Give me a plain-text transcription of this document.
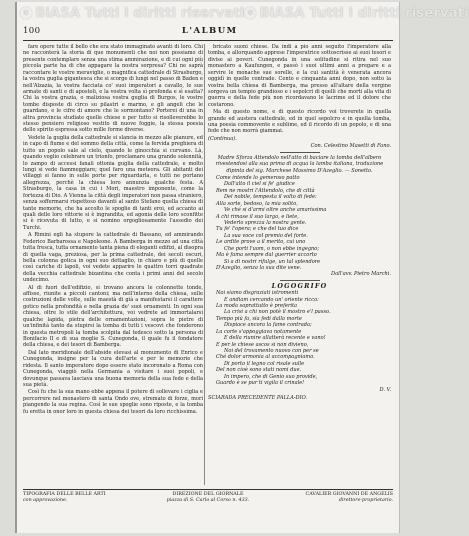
© BiASA Tutti i diritti riservati © BiASA Tutti i diritti riservati
100	L'ALBUM

fare opere tutte il bello che era stato immaginato avanti di loro. Chi ne racconterà la storia di que monumenti che noi non possiamo di presente contemplare senza una stima ammirazione, e di cui ogni più piccola parte ha di che appagare la nostra sorpresa? Chi ne saprà raccontare le vostre meraviglie, o magnifica cattedrale di Strasburgo, la vostra guglia gigantesca che si scorge di lungi nel passo di Baden e nell'Alzazia, la vostra facciata co' suoi imperatori a cavallo, le sue armate di santi e di apostoli, e la vostra volta sì profonda e sì esatta? Chi la vostra grazia, o maliziosa vostra guglia di Burgos, le vostre tombe disposte di circo su pilastri e marmo, e gli angeli che le guardano, e le cifre di amore che le sormontano? Porterei di una in altra provincia studiate quelle chiese e per tutto si risolleverebbe lo stesso pensiero religioso vestito di nuove foggie, la stessa poesia dello spirito espressa sotto mille forme diverse.

Vedete la guglia della cattedrale si slancia in mezzo alle pianure, ed in capo di fiume e del sommo della città, come la fervida preghiera di tutto un popolo sale al cielo, quando le ginocchia si curvano. Là, quando voglio celebrare un trionfo, proclamare una grande solennità, lo zampo di accessi fanali ottonia guglia della cattedrale, e molto lungi si vede fiammeggiare; quel faro una meteora. Gli abitanti dei villaggi si fanno in sulle porte per riguardarla, e tutti ne portano allegrezza, perchè la chiesa loro annunzia qualche festa. A Strasburgo, la casa in cui i Mori, maestro imponente, come la fortezza di Dio. A Vienna la città degli imperatori non passa straniero, senza soffermarsi rispettoso davanti al santo Stefano quella chiesa di tante memorie, che ha accolto le spoglie di tanti eroi, ed accanto ai quali delle loro vittorie si è ingrandita, ed agonia delle loro sconfitte si è ricevuta di lutto, e si nomino orgogliosamente l'assedio dei Turchi.

A Rimini egli ha stupore la cattedrale di Bassano, ed ammirando Federico Barbarossa e Napoleone. A Bamberga in mezzo ad una città tutta fresca, tutta ornamento tanta piena di eleganti edifizi, al disopra di quella vaga, preziosa, per la prima cattedrale, dei secoli oscuri, bella colonna gotica in ogni suo dettaglio, in chiaro e più di quelle così cariche di lapoli, voi vedete apparire le quattro torri quadrate della vecchia cattedrale bizantina che conta i primi anni del secolo undecimo.

Al di fuori dell'edifizio, si trovano ancora le colonnette tonde, affisse, riunite a piccoli cantoni; ma nell'interno della chiesa, sulle costruzioni delle volte, sulle maestà di già a manifestarsi il carattere gotico nella profondità e nella grazia de' suoi ornamenti. In ogni sua chiesa, oltre lo stile dell'architettura, voi vedrete ad immortalarsi qualche lapida, pietra delle ornamentazioni, sopra le pietre di un'infinità tanto da stupirsi la tomba di tutti i vescovi che fonderono in questa metropoli la tomba scolpita dal tedesco sotto la persona di Bonifacio II e di sua moglie S. Cunegonda, il quale fu il fondatore della chiesa, e dei tesori di Bamberga.

Dal lato meridionale dell'abside elevasi al monumento di Enrico e Cunegonda, insigne per la cura dell'arte e per le memorie che ridesta. Il santo imperatore dopo essere stato incoronato a Roma con Cunegonda, viaggiò nella Germania a visitare i suoi popoli, e dovunque passava lasciava una buona memoria della sua fede e della sua pietà.

Così fu che la sua mano ebbe appena il potere di sollevare i ciglia e percorrere nel monastero di santa Ondo ove, stremato di forze, mori piangendo la sua regina. Così le sue spoglie sono riposte, e la tomba fu eretta in onor loro in questa chiesa dei tesori da loro ricchissima.

bricato suoni chiese. Da indi a pio anni seguito l'imperatore alla tomba, e allorquando apprese l'imperatrice sottoscrisse ai suoi tesori e divise ai poveri. Cunegonda in una solitudine si ritira nel suo monastero a Kaufungen, e passò i suoi ultimi anni a pregare e a servire le monache sue sorelle, e la cui santità è venerata ancora oggidì in quelle contrade. Cento e cinquanta anni dopo, non sotto la vostra bella chiesa di Bamberga, ma presso all'altare della vergine sorgeva un tempio grandioso e i sepolcri di quelli che morti alla vita di guerra e della fede più non ricordavano le lacrime ed il dolore che costarono.

Ma di questo nome, e di questo ricordo voi troverete in quella grande ed austera cattedrale, ed in quel sepolcro e in quella tomba, una poesia commovente e sublime, ed il ricordo di un popolo, e di una fede che non morrà giammai.

(Continua).

Con. Celestino Masetti di Fano.

Madre Sforza Attendolo nell'atto di baciare la tomba dell'albero rivestendosi alla sua prima di acqua la lamba italiana, traduzione dipinta del sig. Marchese Massimo D'Azeglio. — Sonetto.

Come intende lo gemeroso patto

Dall'alto il ciel si fe' giudice

Rem ne mostri l'Attendolo, che di città

Del nobile, tempesta il volto di fede:

Alla sorte, bedoso, la mia solito,

Ve ché si d'armi oltre anche amarissima

A chi rimase il suo largo, e liete,

Vederlo sprezza la nostra gente.

Tu fe' l'opera; e che del tuo dice

La sua voce col premio del forte.

Le ardite prove a il merito, cui uno

Che porti l'uom, o non ebbe ingegno;

Ma è fama sempre dal guerrier accorto

Si a di nostri rifulge, un tal splendore

D'Azeglio, senza la sua dite vene.

Dall'avv. Pietro Marchi.

LOGOGRIFO

Noi siamo disgraziati istromenti

E andiam cercando un' oriente ricco:

La moda soprattutto è preferita

La crisi a chi non potè il mostro e'l passo.

Tempo più fa, sia fedi dalla morte

Dispiace ancora la fame contrada;

La corte s'appoggiava notamente

E della riunire allatterà recente e vano!

E per le chiese ascos si non divieno,

Noi del trovamento nuovo con per se

Ché dolor armonia al accompagniamo.

Di porto il legno col risale sulle

Del non cioè sono stati nomi due.

In impero, che di Genio suo provide,

Guardo è se pur ti vigila il crinale!

D. V.

SCIARADA PRECEDENTE PALLA-DIO.

TIPOGRAFIA DELLE BELLE ARTI
con approvazione.
DIREZIONE DEL GIORNALE
piazza di S. Carlo al Corso n. 433.
CAVALIER GIOVANNI DE ANGELIS
direttore-proprietario.
